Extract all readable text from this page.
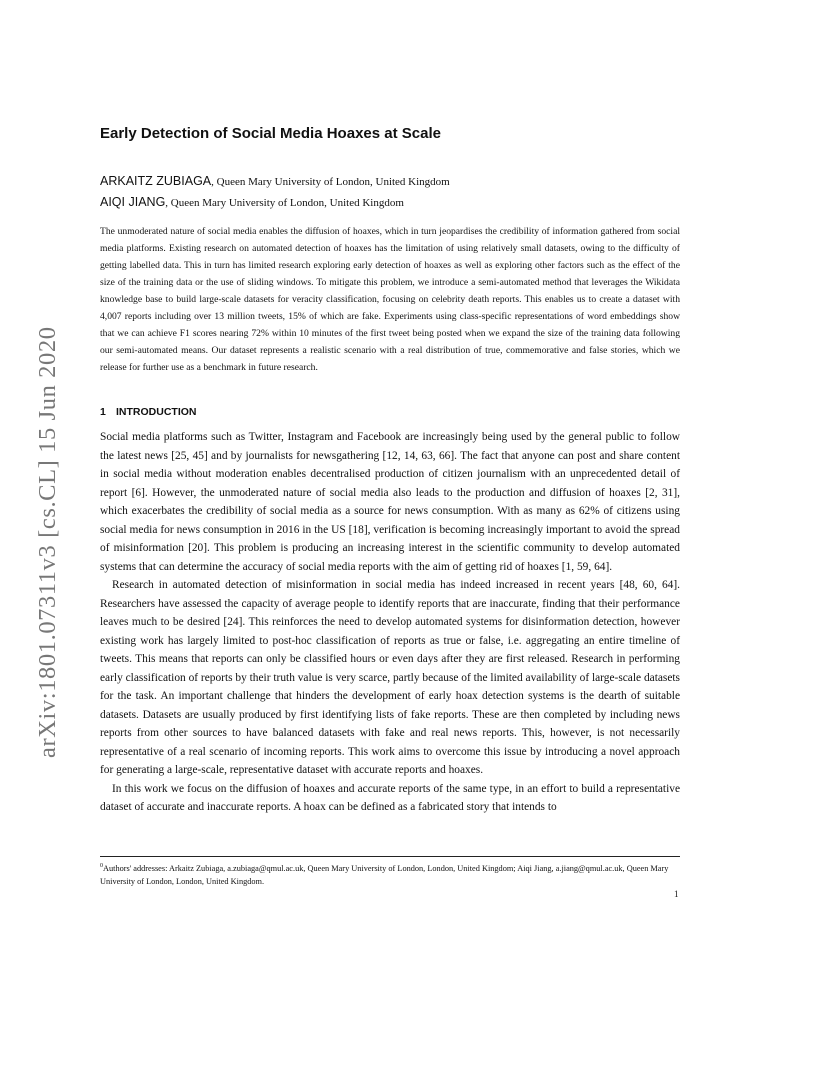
arXiv:1801.07311v3 [cs.CL] 15 Jun 2020
Early Detection of Social Media Hoaxes at Scale
ARKAITZ ZUBIAGA, Queen Mary University of London, United Kingdom
AIQI JIANG, Queen Mary University of London, United Kingdom

The unmoderated nature of social media enables the diffusion of hoaxes, which in turn jeopardises the credibility of information gathered from social media platforms. Existing research on automated detection of hoaxes has the limitation of using relatively small datasets, owing to the difficulty of getting labelled data. This in turn has limited research exploring early detection of hoaxes as well as exploring other factors such as the effect of the size of the training data or the use of sliding windows. To mitigate this problem, we introduce a semi-automated method that leverages the Wikidata knowledge base to build large-scale datasets for veracity classification, focusing on celebrity death reports. This enables us to create a dataset with 4,007 reports including over 13 million tweets, 15% of which are fake. Experiments using class-specific representations of word embeddings show that we can achieve F1 scores nearing 72% within 10 minutes of the first tweet being posted when we expand the size of the training data following our semi-automated means. Our dataset represents a realistic scenario with a real distribution of true, commemorative and false stories, which we release for further use as a benchmark in future research.

1 INTRODUCTION

Social media platforms such as Twitter, Instagram and Facebook are increasingly being used by the general public to follow the latest news [25, 45] and by journalists for newsgathering [12, 14, 63, 66]. The fact that anyone can post and share content in social media without moderation enables decentralised production of citizen journalism with an unprecedented detail of report [6]. However, the unmoderated nature of social media also leads to the production and diffusion of hoaxes [2, 31], which exacerbates the credibility of social media as a source for news consumption. With as many as 62% of citizens using social media for news consumption in 2016 in the US [18], verification is becoming increasingly important to avoid the spread of misinformation [20]. This problem is producing an increasing interest in the scientific community to develop automated systems that can determine the accuracy of social media reports with the aim of getting rid of hoaxes [1, 59, 64].

Research in automated detection of misinformation in social media has indeed increased in recent years [48, 60, 64]. Researchers have assessed the capacity of average people to identify reports that are inaccurate, finding that their performance leaves much to be desired [24]. This reinforces the need to develop automated systems for disinformation detection, however existing work has largely limited to post-hoc classification of reports as true or false, i.e. aggregating an entire timeline of tweets. This means that reports can only be classified hours or even days after they are first released. Research in performing early classification of reports by their truth value is very scarce, partly because of the limited availability of large-scale datasets for the task. An important challenge that hinders the development of early hoax detection systems is the dearth of suitable datasets. Datasets are usually produced by first identifying lists of fake reports. These are then completed by including news reports from other sources to have balanced datasets with fake and real news reports. This, however, is not necessarily representative of a real scenario of incoming reports. This work aims to overcome this issue by introducing a novel approach for generating a large-scale, representative dataset with accurate reports and hoaxes.

In this work we focus on the diffusion of hoaxes and accurate reports of the same type, in an effort to build a representative dataset of accurate and inaccurate reports. A hoax can be defined as a fabricated story that intends to

$^0$Authors' addresses: Arkaitz Zubiaga, a.zubiaga@qmul.ac.uk, Queen Mary University of London, London, United Kingdom; Aiqi Jiang, a.jiang@qmul.ac.uk, Queen Mary University of London, London, United Kingdom.

1
